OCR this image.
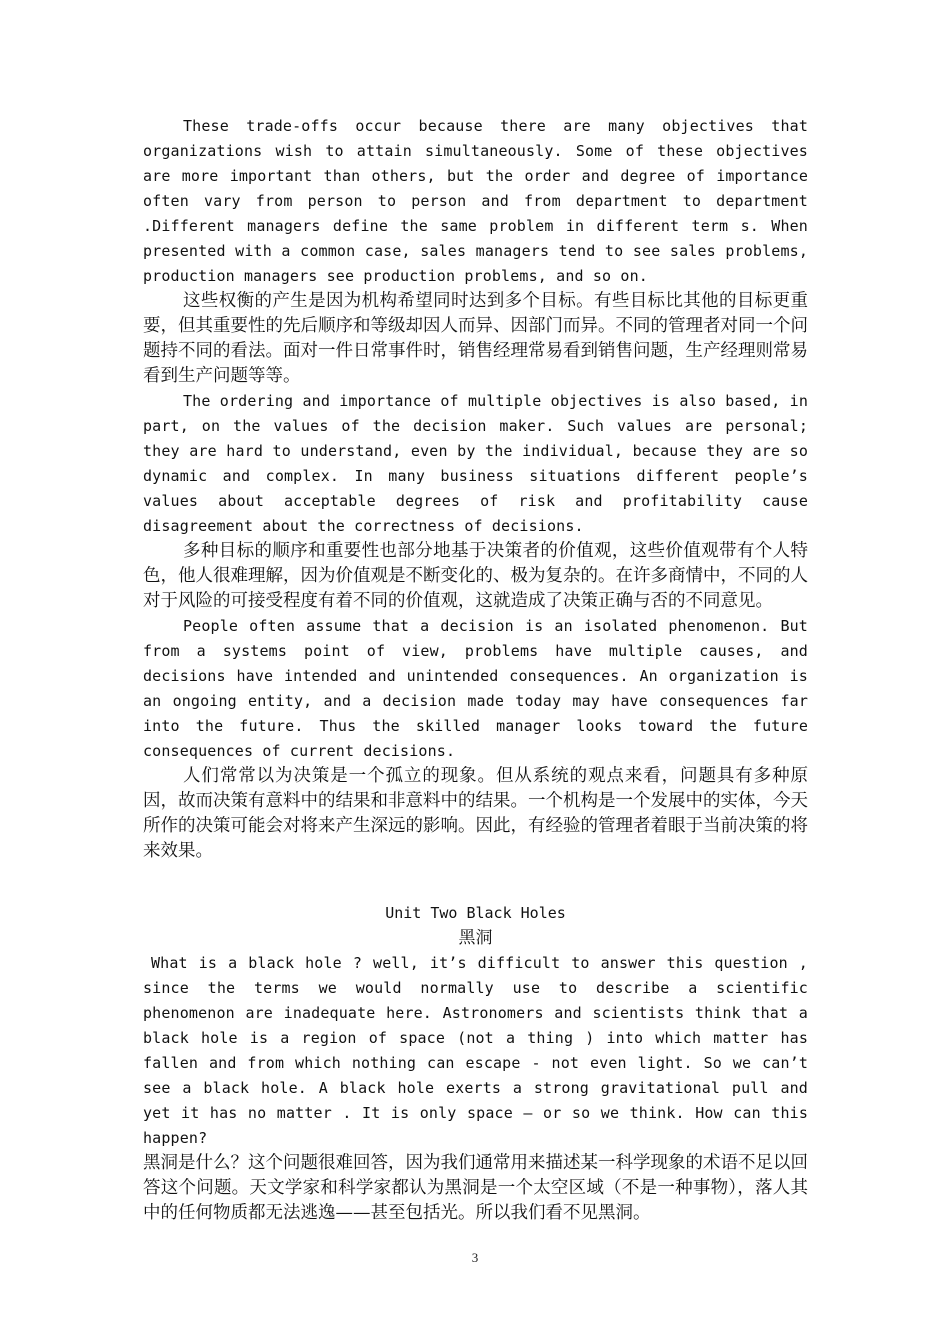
These trade-offs occur because there are many objectives that organizations wish to attain simultaneously. Some of these objectives are more important than others, but the order and degree of importance often vary from person to person and from department to department .Different managers define the same problem in different term s. When presented with a common case, sales managers tend to see sales problems, production managers see production problems, and so on.

这些权衡的产生是因为机构希望同时达到多个目标。有些目标比其他的目标更重要，但其重要性的先后顺序和等级却因人而异、因部门而异。不同的管理者对同一个问题持不同的看法。面对一件日常事件时，销售经理常易看到销售问题，生产经理则常易看到生产问题等等。

The ordering and importance of multiple objectives is also based, in part, on the values of the decision maker. Such values are personal; they are hard to understand, even by the individual, because they are so dynamic and complex. In many business situations different people’s values about acceptable degrees of risk and profitability cause disagreement about the correctness of decisions.

多种目标的顺序和重要性也部分地基于决策者的价值观，这些价值观带有个人特色，他人很难理解，因为价值观是不断变化的、极为复杂的。在许多商情中，不同的人对于风险的可接受程度有着不同的价值观，这就造成了决策正确与否的不同意见。

People often assume that a decision is an isolated phenomenon. But from a systems point of view, problems have multiple causes, and decisions have intended and unintended consequences. An organization is an ongoing entity, and a decision made today may have consequences far into the future. Thus the skilled manager looks toward the future consequences of current decisions.

人们常常以为决策是一个孤立的现象。但从系统的观点来看，问题具有多种原因，故而决策有意料中的结果和非意料中的结果。一个机构是一个发展中的实体，今天所作的决策可能会对将来产生深远的影响。因此，有经验的管理者着眼于当前决策的将来效果。

Unit Two Black Holes

黑洞

What is a black hole ? well, it’s difficult to answer this question , since the terms we would normally use to describe a scientific phenomenon are inadequate here. Astronomers and scientists think that a black hole is a region of space (not a thing ) into which matter has fallen and from which nothing can escape - not even light. So we can’t see a black hole. A black hole exerts a strong gravitational pull and yet it has no matter . It is only space — or so we think. How can this happen?

黑洞是什么？这个问题很难回答，因为我们通常用来描述某一科学现象的术语不足以回答这个问题。天文学家和科学家都认为黑洞是一个太空区域（不是一种事物），落人其中的任何物质都无法逃逸——甚至包括光。所以我们看不见黑洞。

3
